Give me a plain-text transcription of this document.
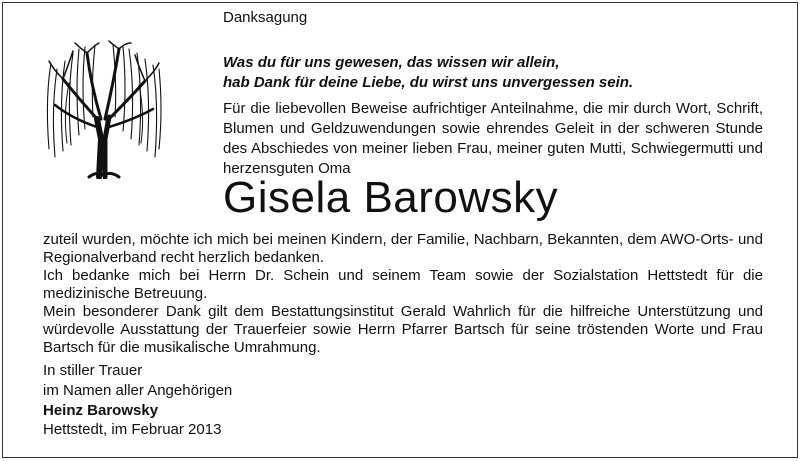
Danksagung
Was du für uns gewesen, das wissen wir allein,
hab Dank für deine Liebe, du wirst uns unvergessen sein.
Für die liebevollen Beweise aufrichtiger Anteilnahme, die mir durch Wort, Schrift, Blumen und Geldzuwendungen sowie ehrendes Geleit in der schweren Stunde des Abschiedes von meiner lieben Frau, meiner guten Mutti, Schwiegermutti und herzensguten Oma
Gisela Barowsky

zuteil wurden, möchte ich mich bei meinen Kindern, der Familie, Nachbarn, Bekannten, dem AWO-Orts- und Regionalverband recht herzlich bedanken.

Ich bedanke mich bei Herrn Dr. Schein und seinem Team sowie der Sozialstation Hettstedt für die medizinische Betreuung.

Mein besonderer Dank gilt dem Bestattungsinstitut Gerald Wahrlich für die hilfreiche Unterstützung und würdevolle Ausstattung der Trauerfeier sowie Herrn Pfarrer Bartsch für seine tröstenden Worte und Frau Bartsch für die musikalische Umrahmung.

In stiller Trauer
im Namen aller Angehörigen
Heinz Barowsky
Hettstedt, im Februar 2013
